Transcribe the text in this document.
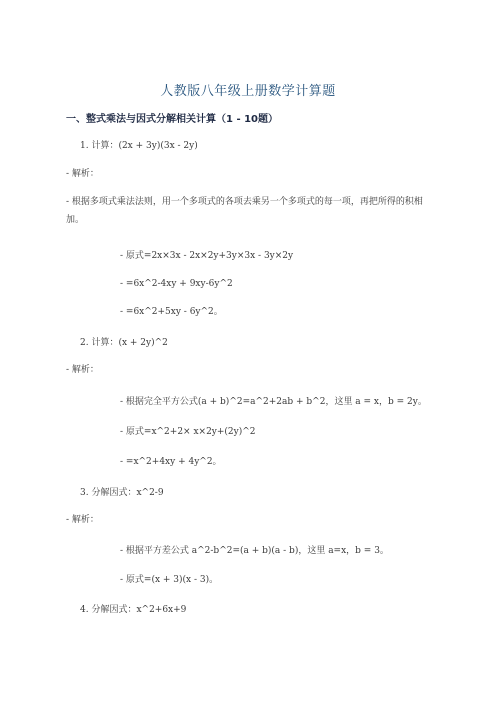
人教版八年级上册数学计算题
一、整式乘法与因式分解相关计算（1 - 10题）
1. 计算：(2x + 3y)(3x - 2y)
- 解析：
- 根据多项式乘法法则，用一个多项式的各项去乘另一个多项式的每一项，再把所得的积相加。
- 原式=2x×3x - 2x×2y+3y×3x - 3y×2y
- =6x^2-4xy + 9xy-6y^2
- =6x^2+5xy - 6y^2。
2. 计算：(x + 2y)^2
- 解析：
- 根据完全平方公式(a + b)^2=a^2+2ab + b^2，这里 a = x，b = 2y。
- 原式=x^2+2× x×2y+(2y)^2
- =x^2+4xy + 4y^2。
3. 分解因式：x^2-9
- 解析：
- 根据平方差公式 a^2-b^2=(a + b)(a - b)，这里 a=x，b = 3。
- 原式=(x + 3)(x - 3)。
4. 分解因式：x^2+6x+9
